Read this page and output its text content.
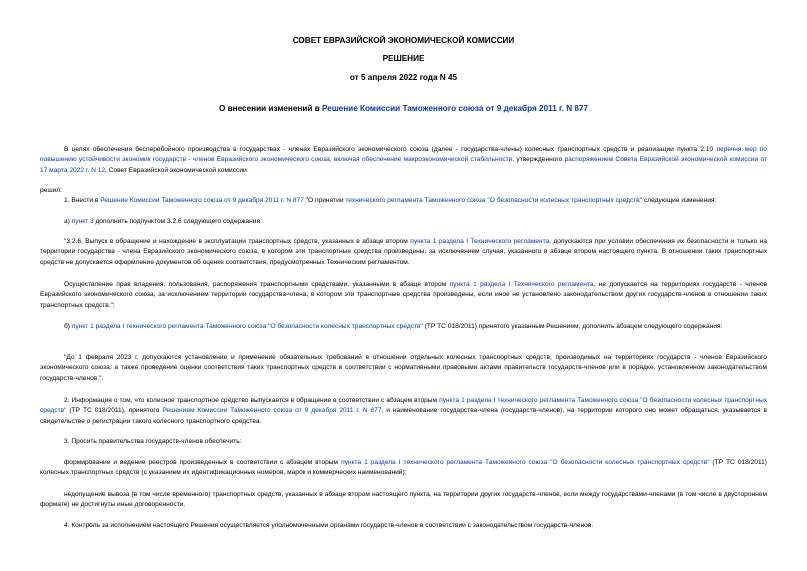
СОВЕТ ЕВРАЗИЙСКОЙ ЭКОНОМИЧЕСКОЙ КОМИССИИ
РЕШЕНИЕ
от 5 апреля 2022 года N 45
О внесении изменений в Решение Комиссии Таможенного союза от 9 декабря 2011 г. N 877
В целях обеспечения бесперебойного производства в государствах - членах Евразийского экономического союза (далее - государства-члены) колесных транспортных средств и реализации пункта 2.10 перечня мер по повышению устойчивости экономик государств - членов Евразийского экономического союза, включая обеспечение макроэкономической стабильности, утвержденного распоряжением Совета Евразийской экономической комиссии от 17 марта 2022 г. N 12, Совет Евразийской экономической комиссии
решил:
1. Внести в Решение Комиссии Таможенного союза от 9 декабря 2011 г. N 877 "О принятии технического регламента Таможенного союза "О безопасности колесных транспортных средств" следующие изменения:
а) пункт 3 дополнить подпунктом 3.2.6 следующего содержания:
"3.2.6. Выпуск в обращение и нахождение в эксплуатации транспортных средств, указанных в абзаце втором пункта 1 раздела I Технического регламента, допускаются при условии обеспечения их безопасности и только на территории государства - члена Евразийского экономического союза, в котором эти транспортные средства произведены, за исключением случая, указанного в абзаце втором настоящего пункта. В отношении таких транспортных средств не допускается оформление документов об оценке соответствия, предусмотренных Техническим регламентом.
Осуществление прав владения, пользования, распоряжения транспортными средствами, указанными в абзаце втором пункта 1 раздела I Технического регламента, не допускается на территориях государств - членов Евразийского экономического союза, за исключением территории государства-члена, в котором эти транспортные средства произведены, если иное не установлено законодательством других государств-членов в отношении таких транспортных средств.";
б) пункт 1 раздела I технического регламента Таможенного союза "О безопасности колесных транспортных средств" (ТР ТС 018/2011) принятого указанным Решением, дополнить абзацем следующего содержания:
"До 1 февраля 2023 г. допускаются установление и применение обязательных требований в отношении отдельных колесных транспортных средств, производимых на территориях государств - членов Евразийского экономического союза, а также проведение оценки соответствия таких транспортных средств в соответствии с нормативными правовыми актами правительств государств-членов или в порядке, установленном законодательством государств-членов.".
2. Информация о том, что колесное транспортное средство выпускается в обращение в соответствии с абзацем вторым пункта 1 раздела I технического регламента Таможенного союза "О безопасности колесных транспортных средств" (ТР ТС 018/2011), принятого Решением Комиссии Таможенного союза от 9 декабря 2011 г. N 877, и наименование государства-члена (государств-членов), на территории которого оно может обращаться, указывается в свидетельстве о регистрации такого колесного транспортного средства.
3. Просить правительства государств-членов обеспечить:
формирование и ведение реестров произведенных в соответствии с абзацем вторым пункта 1 раздела I технического регламента Таможенного союза "О безопасности колесных транспортных средств" (ТР ТС 018/2011) колесных транспортных средств (с указанием их идентификационных номеров, марок и коммерческих наименований);
недопущение вывоза (в том числе временного) транспортных средств, указанных в абзаце втором настоящего пункта, на территории других государств-членов, если между государствами-членами (в том числе в двустороннем формате) не достигнуты иные договоренности.
4. Контроль за исполнением настоящего Решения осуществляется уполномоченными органами государств-членов в соответствии с законодательством государств-членов.
